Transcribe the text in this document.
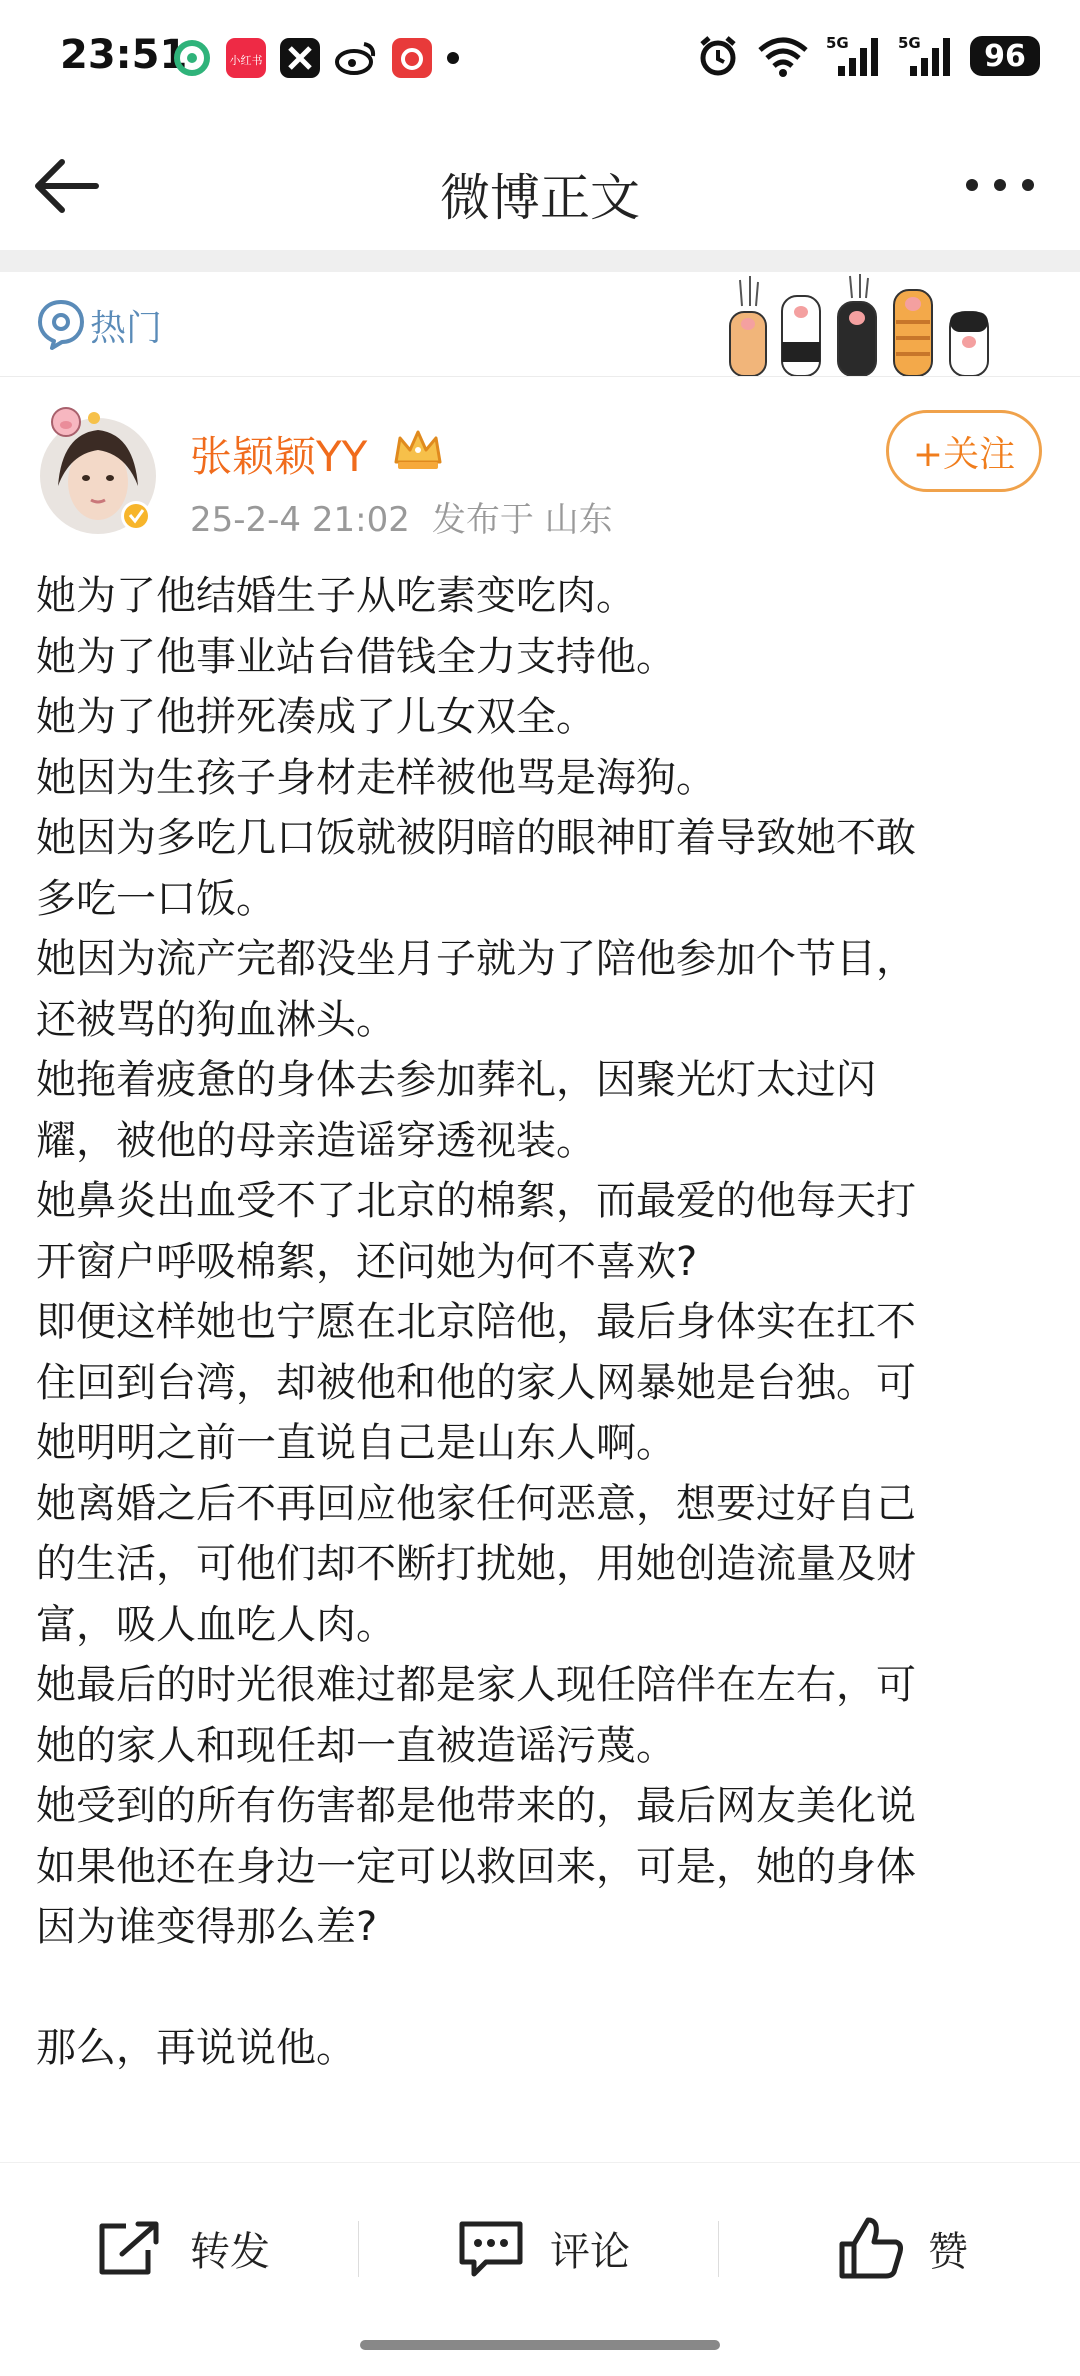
23:51	小红书
5G	5G	96
微博正文
热门
张颖颖YY
25-2-4 21:02 发布于 山东
+关注

她为了他结婚生子从吃素变吃肉。

她为了他事业站台借钱全力支持他。

她为了他拼死凑成了儿女双全。

她因为生孩子身材走样被他骂是海狗。

她因为多吃几口饭就被阴暗的眼神盯着导致她不敢

多吃一口饭。

她因为流产完都没坐月子就为了陪他参加个节目，

还被骂的狗血淋头。

她拖着疲惫的身体去参加葬礼，因聚光灯太过闪

耀，被他的母亲造谣穿透视装。

她鼻炎出血受不了北京的棉絮，而最爱的他每天打

开窗户呼吸棉絮，还问她为何不喜欢?

即便这样她也宁愿在北京陪他，最后身体实在扛不

住回到台湾，却被他和他的家人网暴她是台独。可

她明明之前一直说自己是山东人啊。

她离婚之后不再回应他家任何恶意，想要过好自己

的生活，可他们却不断打扰她，用她创造流量及财

富，吸人血吃人肉。

她最后的时光很难过都是家人现任陪伴在左右，可

她的家人和现任却一直被造谣污蔑。

她受到的所有伤害都是他带来的，最后网友美化说

如果他还在身边一定可以救回来，可是，她的身体

因为谁变得那么差?

那么，再说说他。

转发	评论	赞
